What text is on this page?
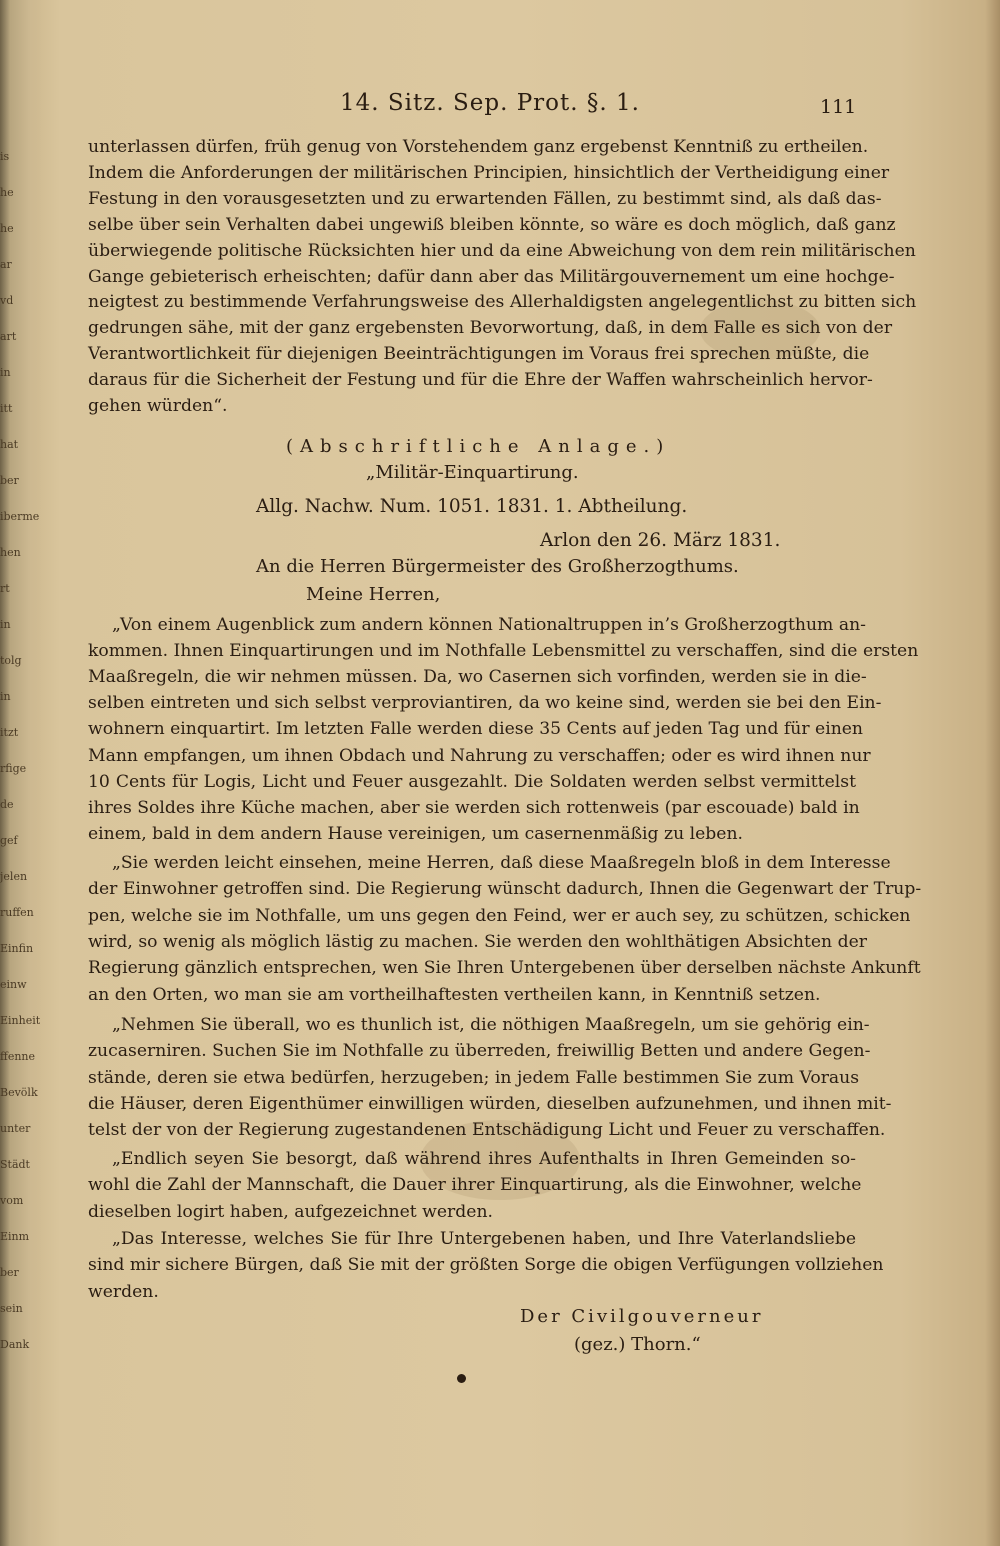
is
he
he
ar
vd
art
in
itt
hat
ber
iberme
hen
rt
in
tolg
in
itzt
rfige
de
gef
jelen
ruffen
Einfin
einw
Einheit
ffenne
Bevölk
unter
Städt
vom
Einm
ber
sein
Dank
14. Sitz. Sep. Prot. §. 1.	111
unterlassen dürfen, früh genug von Vorstehendem ganz ergebenst Kenntniß zu ertheilen.
Indem die Anforderungen der militärischen Principien, hinsichtlich der Vertheidigung einer
Festung in den vorausgesetzten und zu erwartenden Fällen, zu bestimmt sind, als daß das-
selbe über sein Verhalten dabei ungewiß bleiben könnte, so wäre es doch möglich, daß ganz
überwiegende politische Rücksichten hier und da eine Abweichung von dem rein militärischen
Gange gebieterisch erheischten; dafür dann aber das Militärgouvernement um eine hochge-
neigtest zu bestimmende Verfahrungsweise des Allerhaldigsten angelegentlichst zu bitten sich
gedrungen sähe, mit der ganz ergebensten Bevorwortung, daß, in dem Falle es sich von der
Verantwortlichkeit für diejenigen Beeinträchtigungen im Voraus frei sprechen müßte, die
daraus für die Sicherheit der Festung und für die Ehre der Waffen wahrscheinlich hervor-
gehen würden“.
(Abschriftliche Anlage.)
„Militär-Einquartirung.
Allg. Nachw. Num. 1051. 1831. 1. Abtheilung.
Arlon den 26. März 1831.
An die Herren Bürgermeister des Großherzogthums.
Meine Herren,
„Von einem Augenblick zum andern können Nationaltruppen in’s Großherzogthum an-
kommen. Ihnen Einquartirungen und im Nothfalle Lebensmittel zu verschaffen, sind die ersten
Maaßregeln, die wir nehmen müssen. Da, wo Casernen sich vorfinden, werden sie in die-
selben eintreten und sich selbst verproviantiren, da wo keine sind, werden sie bei den Ein-
wohnern einquartirt. Im letzten Falle werden diese 35 Cents auf jeden Tag und für einen
Mann empfangen, um ihnen Obdach und Nahrung zu verschaffen; oder es wird ihnen nur
10 Cents für Logis, Licht und Feuer ausgezahlt. Die Soldaten werden selbst vermittelst
ihres Soldes ihre Küche machen, aber sie werden sich rottenweis (par escouade) bald in
einem, bald in dem andern Hause vereinigen, um casernenmäßig zu leben.
„Sie werden leicht einsehen, meine Herren, daß diese Maaßregeln bloß in dem Interesse
der Einwohner getroffen sind. Die Regierung wünscht dadurch, Ihnen die Gegenwart der Trup-
pen, welche sie im Nothfalle, um uns gegen den Feind, wer er auch sey, zu schützen, schicken
wird, so wenig als möglich lästig zu machen. Sie werden den wohlthätigen Absichten der
Regierung gänzlich entsprechen, wen Sie Ihren Untergebenen über derselben nächste Ankunft
an den Orten, wo man sie am vortheilhaftesten vertheilen kann, in Kenntniß setzen.
„Nehmen Sie überall, wo es thunlich ist, die nöthigen Maaßregeln, um sie gehörig ein-
zucaserniren. Suchen Sie im Nothfalle zu überreden, freiwillig Betten und andere Gegen-
stände, deren sie etwa bedürfen, herzugeben; in jedem Falle bestimmen Sie zum Voraus
die Häuser, deren Eigenthümer einwilligen würden, dieselben aufzunehmen, und ihnen mit-
telst der von der Regierung zugestandenen Entschädigung Licht und Feuer zu verschaffen.
„Endlich seyen Sie besorgt, daß während ihres Aufenthalts in Ihren Gemeinden so-
wohl die Zahl der Mannschaft, die Dauer ihrer Einquartirung, als die Einwohner, welche
dieselben logirt haben, aufgezeichnet werden.
„Das Interesse, welches Sie für Ihre Untergebenen haben, und Ihre Vaterlandsliebe
sind mir sichere Bürgen, daß Sie mit der größten Sorge die obigen Verfügungen vollziehen
werden.
Der Civilgouverneur
(gez.) Thorn.“
